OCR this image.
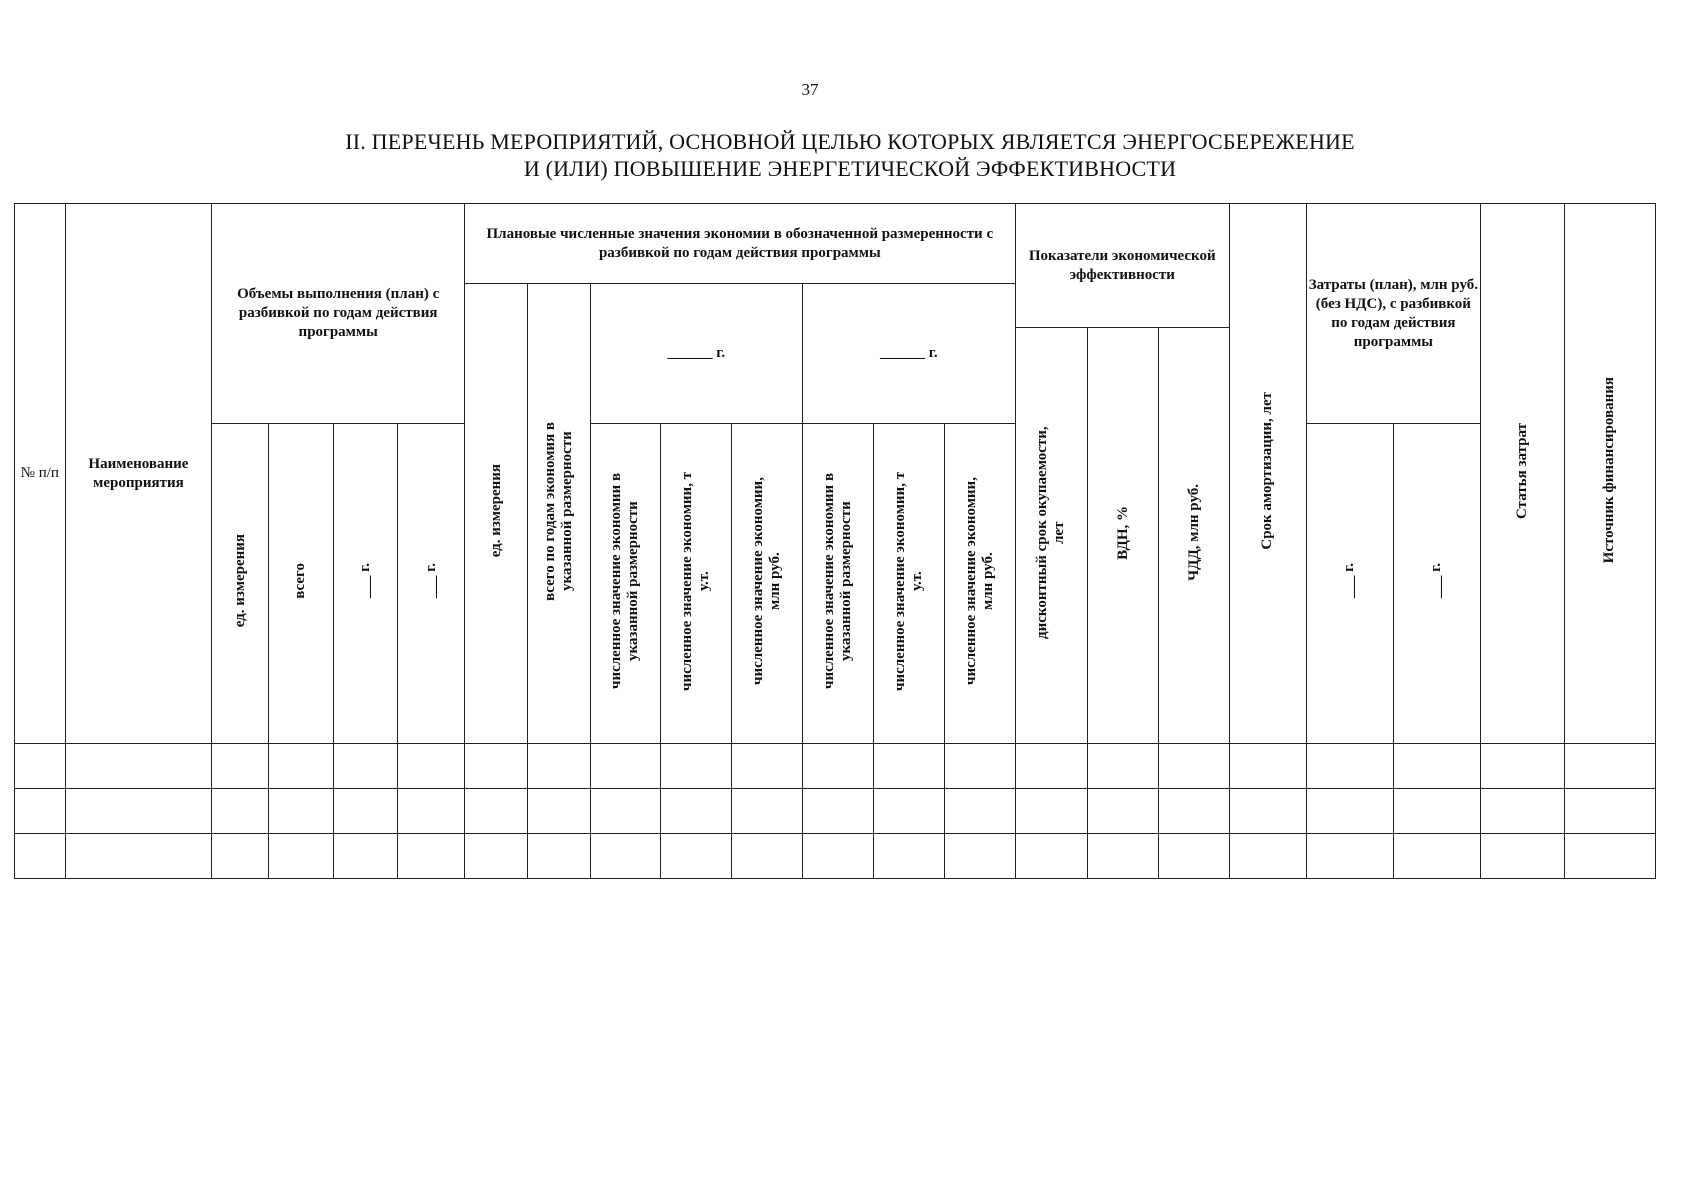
37
II. ПЕРЕЧЕНЬ МЕРОПРИЯТИЙ, ОСНОВНОЙ ЦЕЛЬЮ КОТОРЫХ ЯВЛЯЕТСЯ ЭНЕРГОСБЕРЕЖЕНИЕ
И (ИЛИ) ПОВЫШЕНИЕ ЭНЕРГЕТИЧЕСКОЙ ЭФФЕКТИВНОСТИ
№ п/п	Наименование мероприятия	Объемы выполнения (план) с разбивкой по годам действия программы				Плановые численные значения экономии в обозначенной размеренности с разбивкой по годам действия программы								Показатели экономической эффективности			Срок амортизации, лет	Затраты (план), млн руб. (без НДС), с разбивкой по годам действия программы		Статья затрат	Источник финансирования
						ед. измерения	всего по годам экономия в указанной размерности	______ г.			______ г.										
														дисконтный срок окупаемости, лет	ВДН, %	ЧДД, млн руб.					
		ед. измерения	всего	___ г.	___ г.			численное значение экономии в указанной размерности	численное значение экономии, т у.т.	численное значение экономии, млн руб.	численное значение экономии в указанной размерности	численное значение экономии, т у.т.	численное значение экономии, млн руб.					___ г.	___ г.		
